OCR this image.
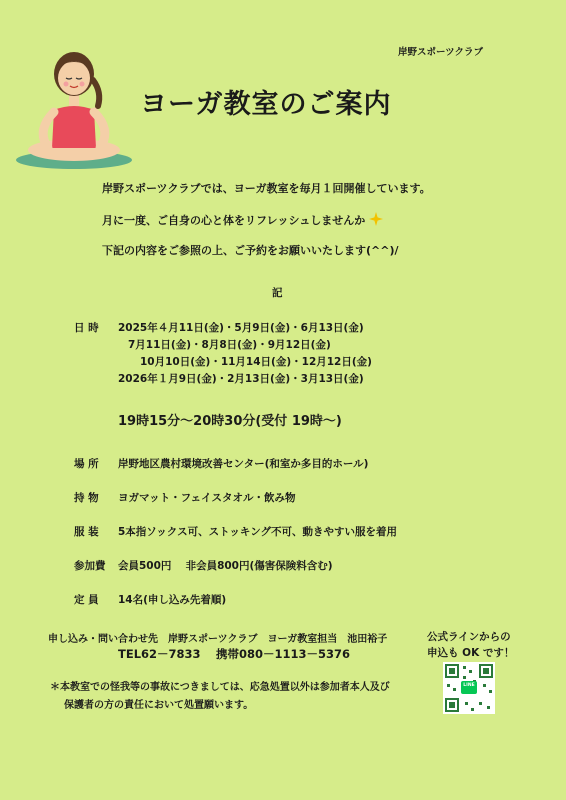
岸野スポーツクラブ
ヨーガ教室のご案内
岸野スポーツクラブでは、ヨーガ教室を毎月１回開催しています。
月に一度、ご自身の心と体をリフレッシュしませんか
下記の内容をご参照の上、ご予約をお願いいたします(^^)/
記
日 時 2025年４月11日(金)・5月9日(金)・6月13日(金)
7月11日(金)・8月8日(金)・9月12日(金)
10月10日(金)・11月14日(金)・12月12日(金)
2026年１月9日(金)・2月13日(金)・3月13日(金)
19時15分～20時30分(受付 19時～)
場 所 岸野地区農村環境改善センター(和室か多目的ホール)
持 物 ヨガマット・フェイスタオル・飲み物
服 装 5本指ソックス可、ストッキング不可、動きやすい服を着用
参加費 会員500円　 非会員800円(傷害保険料含む)
定 員 14名(申し込み先着順)
申し込み・問い合わせ先　岸野スポーツクラブ　ヨーガ教室担当　池田裕子
TEL62－7833　 携帯080－1113－5376
公式ラインからの
申込も OK です！
＊本教室での怪我等の事故につきましては、応急処置以外は参加者本人及び
保護者の方の責任において処置願います。
LINE
